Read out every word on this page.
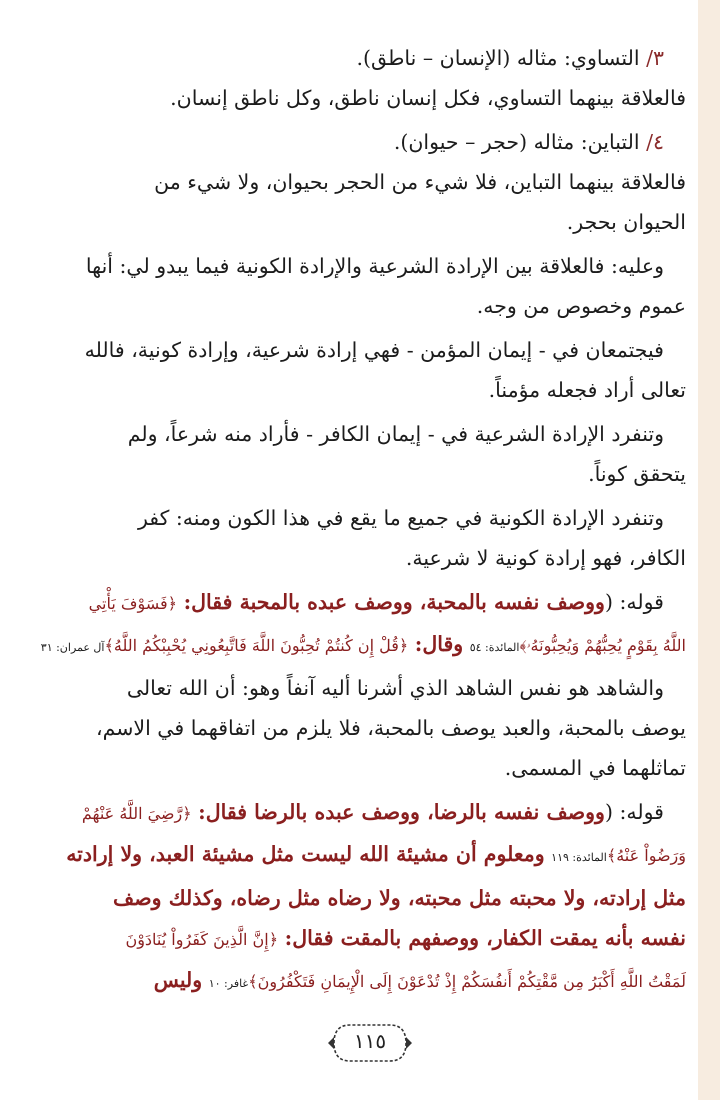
٣/ التساوي: مثاله (الإنسان – ناطق).

فالعلاقة بينهما التساوي، فكل إنسان ناطق، وكل ناطق إنسان.

٤/ التباين: مثاله (حجر – حيوان).

فالعلاقة بينهما التباين، فلا شيء من الحجر بحيوان، ولا شيء من

الحيوان بحجر.

وعليه: فالعلاقة بين الإرادة الشرعية والإرادة الكونية فيما يبدو لي: أنها

عموم وخصوص من وجه.

فيجتمعان في - إيمان المؤمن - فهي إرادة شرعية، وإرادة كونية، فالله

تعالى أراد فجعله مؤمناً.

وتنفرد الإرادة الشرعية في - إيمان الكافر - فأراد منه شرعاً، ولم

يتحقق كوناً.

وتنفرد الإرادة الكونية في جميع ما يقع في هذا الكون ومنه: كفر

الكافر، فهو إرادة كونية لا شرعية.

قوله: (ووصف نفسه بالمحبة، ووصف عبده بالمحبة فقال: ﴿فَسَوْفَ يَأْتِي

اللَّهُ بِقَوْمٍ يُحِبُّهُمْ وَيُحِبُّونَهُۥ﴾المائدة: ٥٤ وقال: ﴿قُلْ إِن كُنتُمْ تُحِبُّونَ اللَّهَ فَاتَّبِعُونِي يُحْبِبْكُمُ اللَّهُ﴾آل عمران: ٣١

والشاهد هو نفس الشاهد الذي أشرنا أليه آنفاً وهو: أن الله تعالى

يوصف بالمحبة، والعبد يوصف بالمحبة، فلا يلزم من اتفاقهما في الاسم،

تماثلهما في المسمى.

قوله: (ووصف نفسه بالرضا، ووصف عبده بالرضا فقال: ﴿رَّضِيَ اللَّهُ عَنْهُمْ

وَرَضُواْ عَنْهُ﴾المائدة: ١١٩ ومعلوم أن مشيئة الله ليست مثل مشيئة العبد، ولا إرادته

مثل إرادته، ولا محبته مثل محبته، ولا رضاه مثل رضاه، وكذلك وصف

نفسه بأنه يمقت الكفار، ووصفهم بالمقت فقال: ﴿إِنَّ الَّذِينَ كَفَرُواْ يُنَادَوْنَ

لَمَقْتُ اللَّهِ أَكْبَرُ مِن مَّقْتِكُمْ أَنفُسَكُمْ إِذْ تُدْعَوْنَ إِلَى الْإِيمَانِ فَتَكْفُرُونَ﴾غافر: ١٠ وليس

١١٥
